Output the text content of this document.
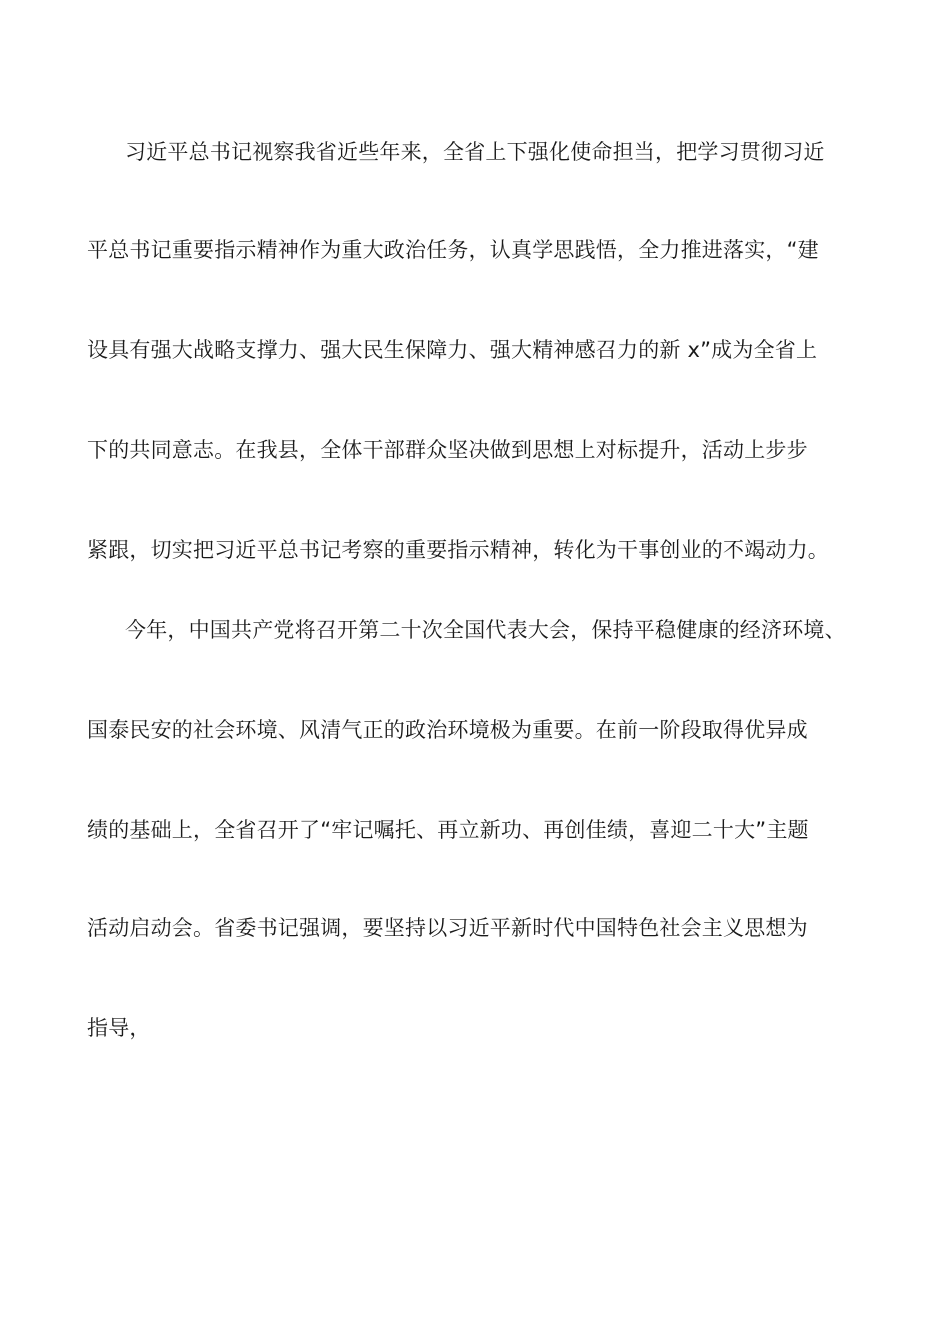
习近平总书记视察我省近些年来，全省上下强化使命担当，把学习贯彻习近
平总书记重要指示精神作为重大政治任务，认真学思践悟，全力推进落实，“建
设具有强大战略支撑力、强大民生保障力、强大精神感召力的新 x”成为全省上
下的共同意志。在我县，全体干部群众坚决做到思想上对标提升，活动上步步
紧跟，切实把习近平总书记考察的重要指示精神，转化为干事创业的不竭动力。
今年，中国共产党将召开第二十次全国代表大会，保持平稳健康的经济环境、
国泰民安的社会环境、风清气正的政治环境极为重要。在前一阶段取得优异成
绩的基础上，全省召开了“牢记嘱托、再立新功、再创佳绩，喜迎二十大”主题
活动启动会。省委书记强调，要坚持以习近平新时代中国特色社会主义思想为
指导，
